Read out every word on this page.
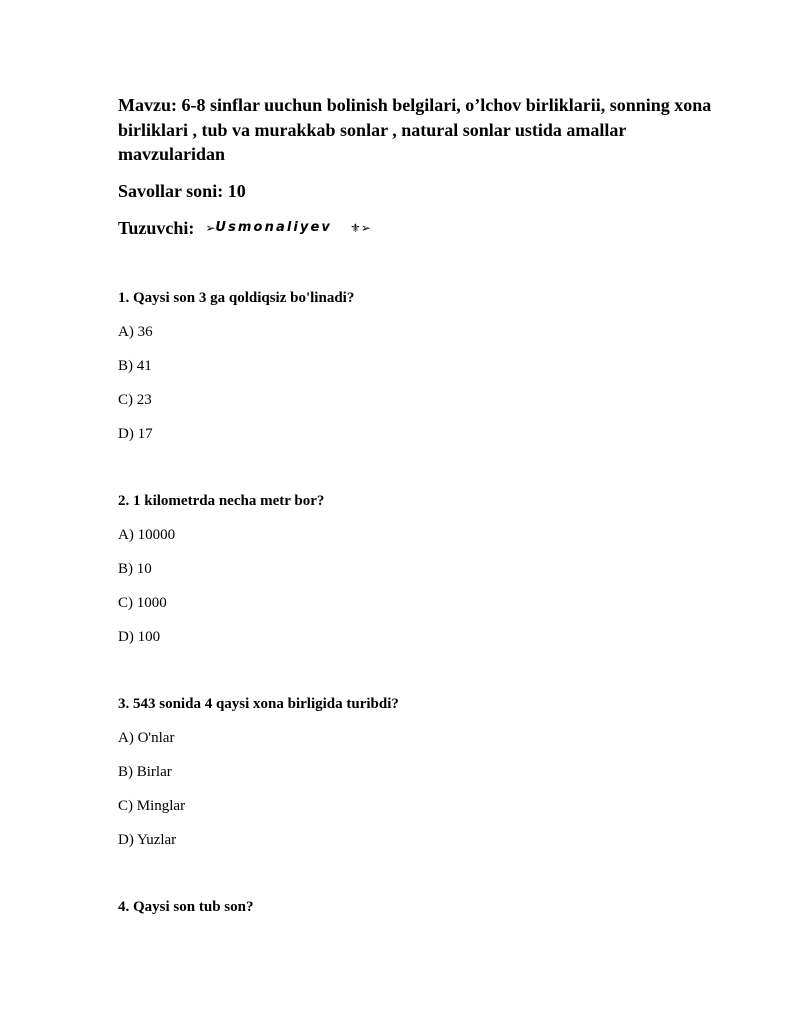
Mavzu: 6-8 sinflar uuchun bolinish belgilari, o’lchov birliklarii, sonning xona birliklari , tub va murakkab sonlar , natural sonlar ustida amallar mavzularidan

Savollar soni: 10

Tuzuvchi: ➢ Usmonaliyev ⚜➢

1. Qaysi son 3 ga qoldiqsiz bo'linadi?

A) 36

B) 41

C) 23

D) 17

2. 1 kilometrda necha metr bor?

A) 10000

B) 10

C) 1000

D) 100

3. 543 sonida 4 qaysi xona birligida turibdi?

A) O'nlar

B) Birlar

C) Minglar

D) Yuzlar

4. Qaysi son tub son?
